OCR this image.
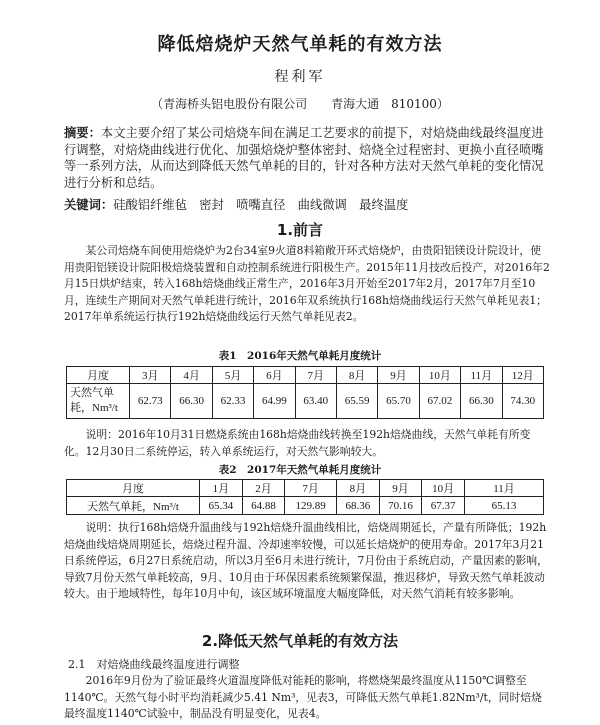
降低焙烧炉天然气单耗的有效方法
程利军
（青海桥头铝电股份有限公司　　青海大通　810100）
摘要：本文主要介绍了某公司焙烧车间在满足工艺要求的前提下，对焙烧曲线最终温度进行调整，对焙烧曲线进行优化、加强焙烧炉整体密封、焙烧全过程密封、更换小直径喷嘴等一系列方法，从而达到降低天然气单耗的目的，针对各种方法对天然气单耗的变化情况进行分析和总结。
关键词：硅酸铝纤维毡　密封　喷嘴直径　曲线微调　最终温度
1.前言
某公司焙烧车间使用焙烧炉为2台34室9火道8料箱敞开环式焙烧炉，由贵阳铝镁设计院设计，使用贵阳铝镁设计院阳极焙烧装置和自动控制系统进行阳极生产。2015年11月技改后投产，对2016年2月15日烘炉结束，转入168h焙烧曲线正常生产，2016年3月开始至2017年2月，2017年7月至10月，连续生产期间对天然气单耗进行统计，2016年双系统执行168h焙烧曲线运行天然气单耗见表1；2017年单系统运行执行192h焙烧曲线运行天然气单耗见表2。
表1　2016年天然气单耗月度统计
月度	3月	4月	5月	6月	7月	8月	9月	10月	11月	12月
天然气单
耗，Nm³/t	62.73	66.30	62.33	64.99	63.40	65.59	65.70	67.02	66.30	74.30
说明：2016年10月31日燃烧系统由168h焙烧曲线转换至192h焙烧曲线，天然气单耗有所变化。12月30日二系统停运，转入单系统运行，对天然气影响较大。
表2　2017年天然气单耗月度统计
月度	1月	2月	7月	8月	9月	10月	11月
天然气单耗，Nm³/t	65.34	64.88	129.89	68.36	70.16	67.37	65.13
说明：执行168h焙烧升温曲线与192h焙烧升温曲线相比，焙烧周期延长，产量有所降低；192h焙烧曲线焙烧周期延长，焙烧过程升温、冷却速率较慢，可以延长焙烧炉的使用寿命。2017年3月21日系统停运，6月27日系统启动，所以3月至6月未进行统计，7月份由于系统启动，产量因素的影响，导致7月份天然气单耗较高，9月、10月由于环保因素系统频繁保温，推迟移炉，导致天然气单耗波动较大。由于地域特性，每年10月中旬，该区域环境温度大幅度降低，对天然气消耗有较多影响。
2.降低天然气单耗的有效方法
2.1　对焙烧曲线最终温度进行调整
2016年9月份为了验证最终火道温度降低对能耗的影响，将燃烧架最终温度从1150℃调整至1140℃。天然气每小时平均消耗减少5.41 Nm³，见表3，可降低天然气单耗1.82Nm³/t，同时焙烧最终温度1140℃试验中，制品没有明显变化，见表4。
